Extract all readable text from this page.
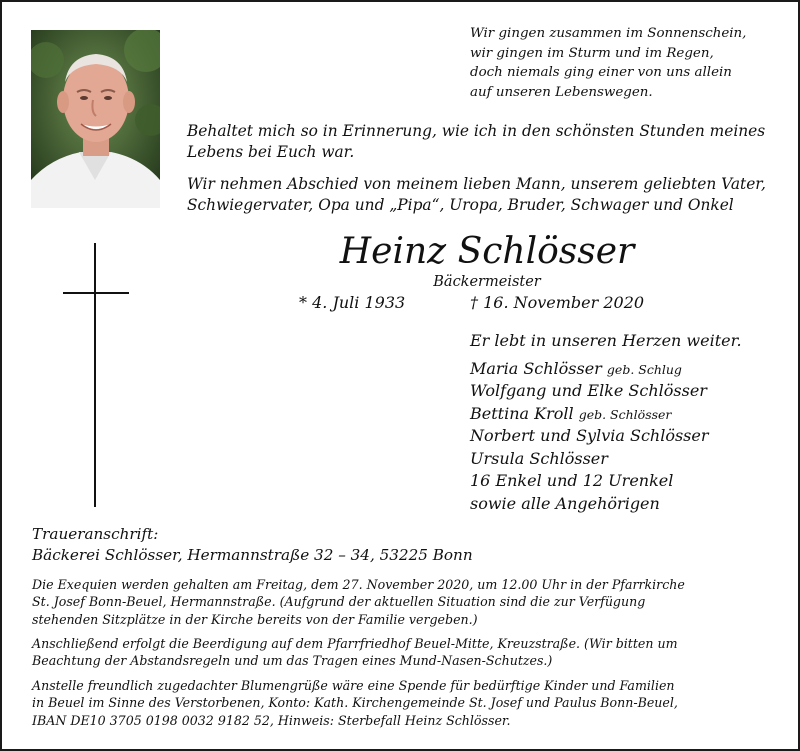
Wir gingen zusammen im Sonnenschein,
wir gingen im Sturm und im Regen,
doch niemals ging einer von uns allein
auf unseren Lebenswegen.
Behaltet mich so in Erinnerung, wie ich in den schönsten Stunden meines
Lebens bei Euch war.
Wir nehmen Abschied von meinem lieben Mann, unserem geliebten Vater,
Schwiegervater, Opa und „Pipa“, Uropa, Bruder, Schwager und Onkel
Heinz Schlösser
Bäckermeister
* 4. Juli 1933	† 16. November 2020
Er lebt in unseren Herzen weiter.
Maria Schlösser geb. Schlug
Wolfgang und Elke Schlösser
Bettina Kroll geb. Schlösser
Norbert und Sylvia Schlösser
Ursula Schlösser
16 Enkel und 12 Urenkel
sowie alle Angehörigen
Traueranschrift:
Bäckerei Schlösser, Hermannstraße 32 – 34, 53225 Bonn
Die Exequien werden gehalten am Freitag, dem 27. November 2020, um 12.00 Uhr in der Pfarrkirche
St. Josef Bonn-Beuel, Hermannstraße. (Aufgrund der aktuellen Situation sind die zur Verfügung
stehenden Sitzplätze in der Kirche bereits von der Familie vergeben.)
Anschließend erfolgt die Beerdigung auf dem Pfarrfriedhof Beuel-Mitte, Kreuzstraße. (Wir bitten um
Beachtung der Abstandsregeln und um das Tragen eines Mund-Nasen-Schutzes.)
Anstelle freundlich zugedachter Blumengrüße wäre eine Spende für bedürftige Kinder und Familien
in Beuel im Sinne des Verstorbenen, Konto: Kath. Kirchengemeinde St. Josef und Paulus Bonn-Beuel,
IBAN DE10 3705 0198 0032 9182 52, Hinweis: Sterbefall Heinz Schlösser.
